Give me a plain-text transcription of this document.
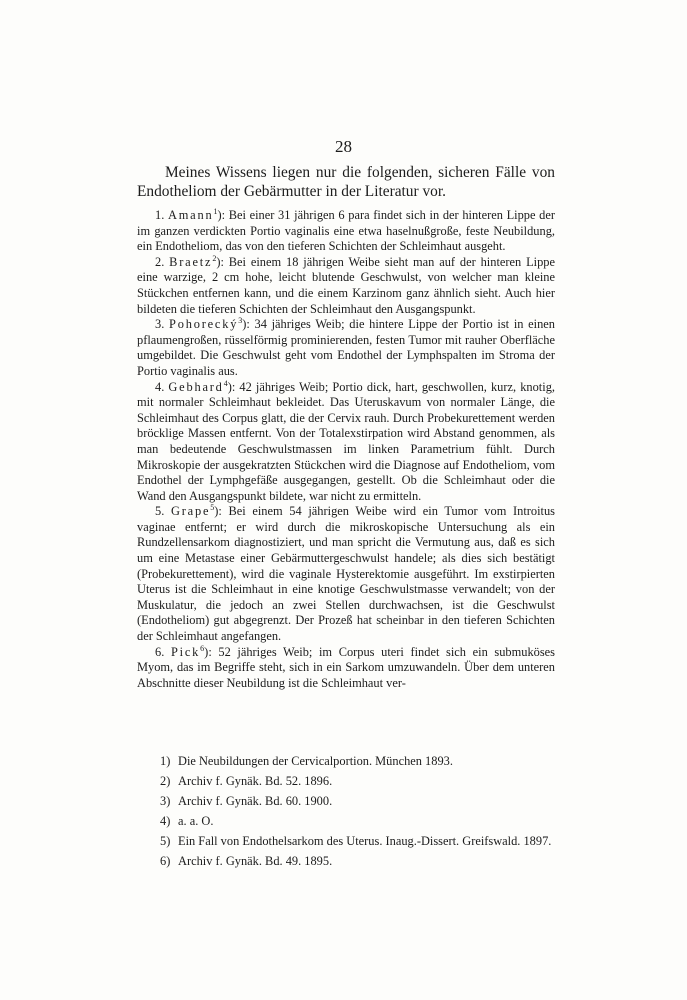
28

Meines Wissens liegen nur die folgenden, sicheren Fälle von Endotheliom der Gebärmutter in der Literatur vor.

1. Amann$^1$): Bei einer 31 jährigen 6 para findet sich in der hinteren Lippe der im ganzen verdickten Portio vaginalis eine etwa haselnußgroße, feste Neubildung, ein Endotheliom, das von den tieferen Schichten der Schleimhaut ausgeht.

2. Braetz$^2$): Bei einem 18 jährigen Weibe sieht man auf der hinteren Lippe eine warzige, 2 cm hohe, leicht blutende Geschwulst, von welcher man kleine Stückchen entfernen kann, und die einem Karzinom ganz ähnlich sieht. Auch hier bildeten die tieferen Schichten der Schleimhaut den Ausgangspunkt.

3. Pohorecký$^3$): 34 jähriges Weib; die hintere Lippe der Portio ist in einen pflaumengroßen, rüsselförmig prominierenden, festen Tumor mit rauher Oberfläche umgebildet. Die Geschwulst geht vom Endothel der Lymphspalten im Stroma der Portio vaginalis aus.

4. Gebhard$^4$): 42 jähriges Weib; Portio dick, hart, geschwollen, kurz, knotig, mit normaler Schleimhaut bekleidet. Das Uteruskavum von normaler Länge, die Schleimhaut des Corpus glatt, die der Cervix rauh. Durch Probekurettement werden bröcklige Massen entfernt. Von der Totalexstirpation wird Abstand genommen, als man bedeutende Geschwulstmassen im linken Parametrium fühlt. Durch Mikroskopie der ausgekratzten Stückchen wird die Diagnose auf Endotheliom, vom Endothel der Lymphgefäße ausgegangen, gestellt. Ob die Schleimhaut oder die Wand den Ausgangspunkt bildete, war nicht zu ermitteln.

5. Grape$^5$): Bei einem 54 jährigen Weibe wird ein Tumor vom Introitus vaginae entfernt; er wird durch die mikroskopische Untersuchung als ein Rundzellensarkom diagnostiziert, und man spricht die Vermutung aus, daß es sich um eine Metastase einer Gebärmuttergeschwulst handele; als dies sich bestätigt (Probekurettement), wird die vaginale Hysterektomie ausgeführt. Im exstirpierten Uterus ist die Schleimhaut in eine knotige Geschwulstmasse verwandelt; von der Muskulatur, die jedoch an zwei Stellen durchwachsen, ist die Geschwulst (Endotheliom) gut abgegrenzt. Der Prozeß hat scheinbar in den tieferen Schichten der Schleimhaut angefangen.

6. Pick$^6$): 52 jähriges Weib; im Corpus uteri findet sich ein submuköses Myom, das im Begriffe steht, sich in ein Sarkom umzuwandeln. Über dem unteren Abschnitte dieser Neubildung ist die Schleimhaut ver-

1) Die Neubildungen der Cervicalportion. München 1893.
2) Archiv f. Gynäk. Bd. 52. 1896.
3) Archiv f. Gynäk. Bd. 60. 1900.
4) a. a. O.
5) Ein Fall von Endothelsarkom des Uterus. Inaug.-Dissert. Greifswald. 1897.
6) Archiv f. Gynäk. Bd. 49. 1895.
